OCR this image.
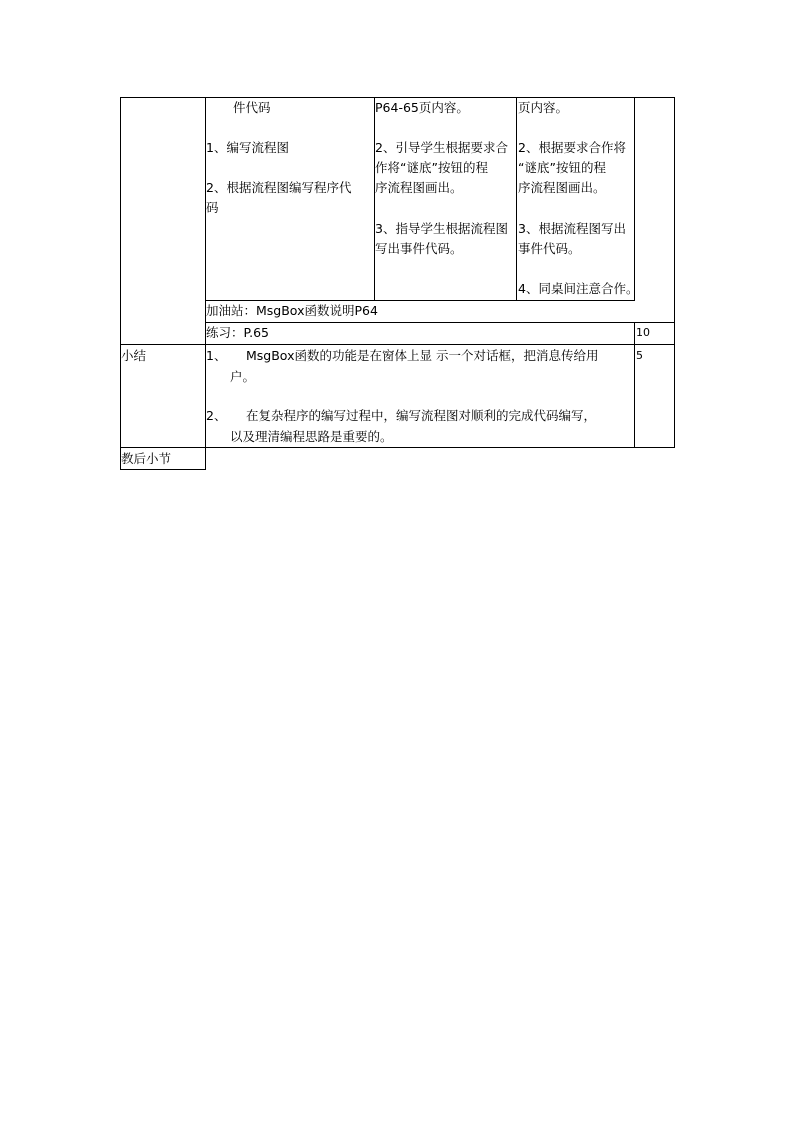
件代码
1、编写流程图
2、根据流程图编写程序代
码
P64-65页内容。
2、引导学生根据要求合
作将“谜底”按钮的程
序流程图画出。
3、指导学生根据流程图
写出事件代码。
页内容。
2、根据要求合作将
“谜底”按钮的程
序流程图画出。
3、根据流程图写出
事件代码。
4、同桌间注意合作。
加油站：MsgBox函数说明P64
练习：P.65	10
小结	1、 MsgBox函数的功能是在窗体上显 示一个对话框，把消息传给用
户。
2、 在复杂程序的编写过程中，编写流程图对顺利的完成代码编写，
以及理清编程思路是重要的。
5
教后小节
